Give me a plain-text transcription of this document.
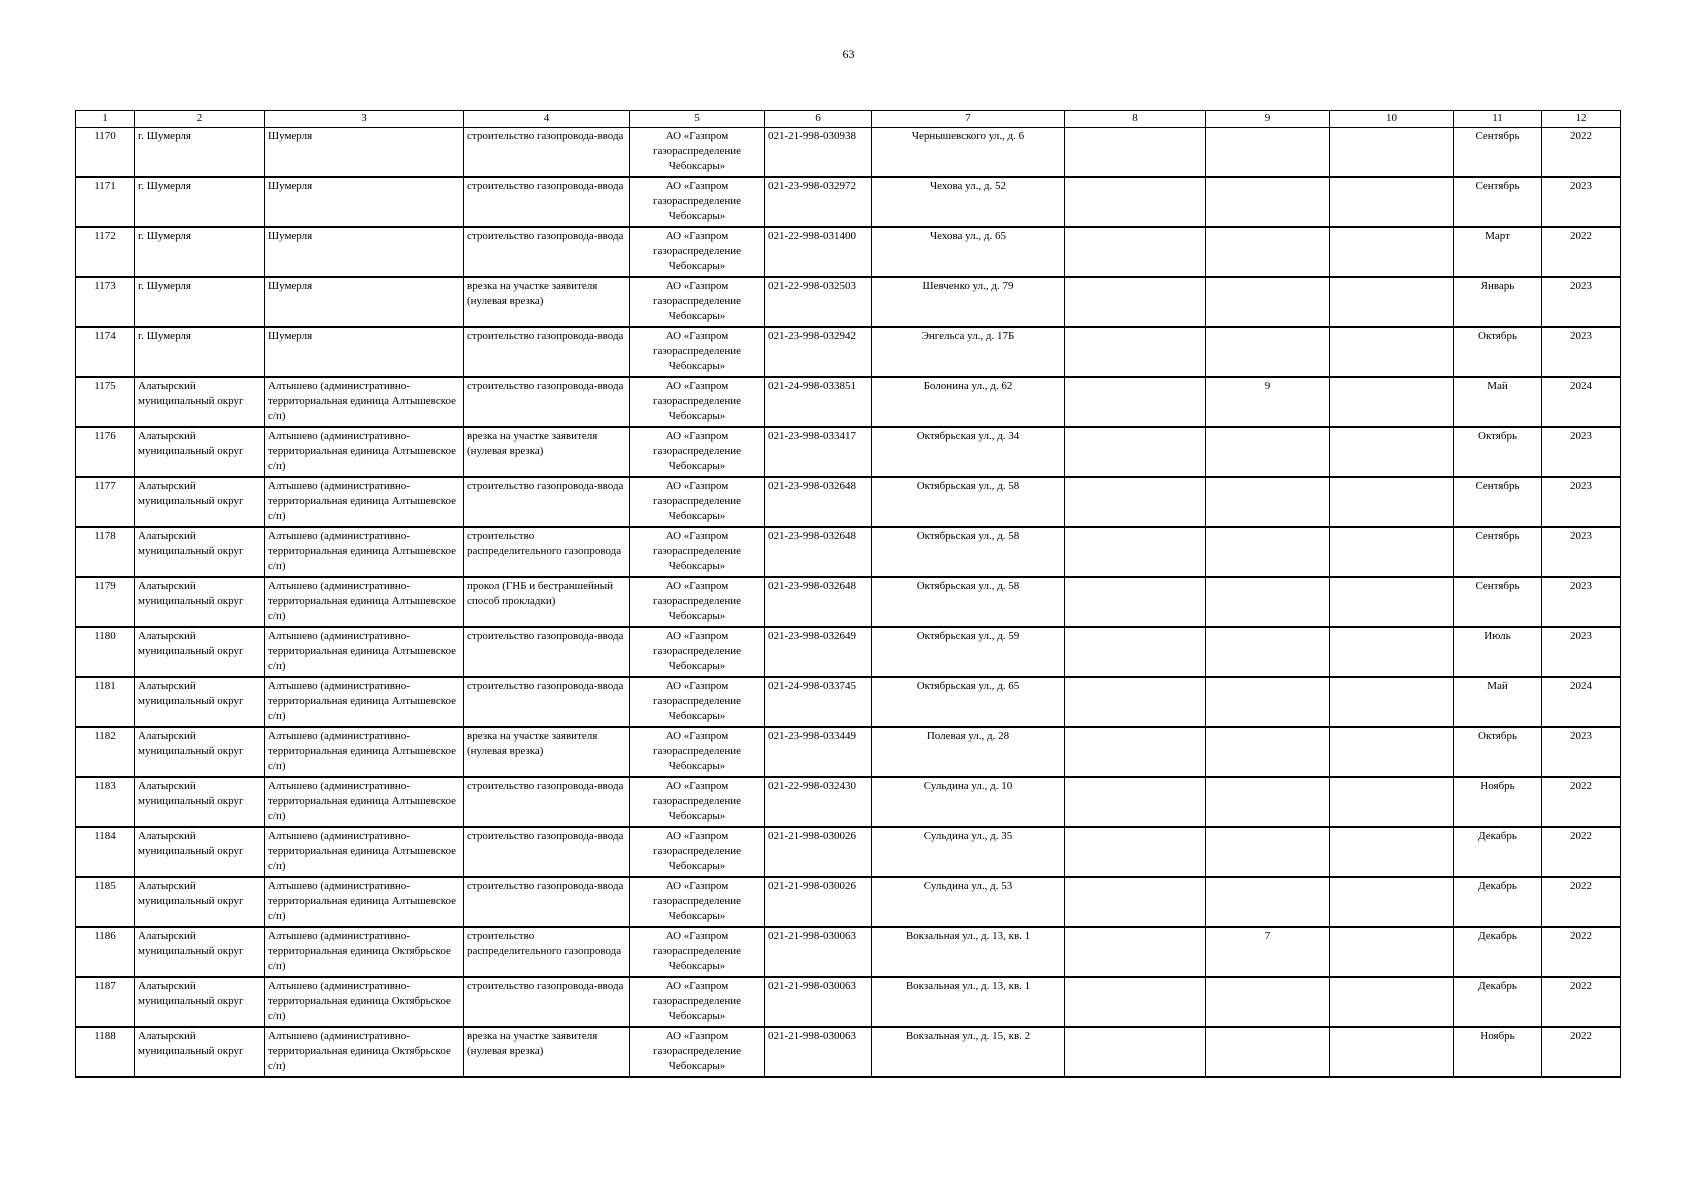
63
1	2	3	4	5	6	7	8	9	10	11	12
1170	г. Шумерля	Шумерля	строительство газопровода-ввода	АО «Газпром газораспределение Чебоксары»	021-21-998-030938	Чернышевского ул., д. 6				Сентябрь	2022
1171	г. Шумерля	Шумерля	строительство газопровода-ввода	АО «Газпром газораспределение Чебоксары»	021-23-998-032972	Чехова ул., д. 52				Сентябрь	2023
1172	г. Шумерля	Шумерля	строительство газопровода-ввода	АО «Газпром газораспределение Чебоксары»	021-22-998-031400	Чехова ул., д. 65				Март	2022
1173	г. Шумерля	Шумерля	врезка на участке заявителя (нулевая врезка)	АО «Газпром газораспределение Чебоксары»	021-22-998-032503	Шевченко ул., д. 79				Январь	2023
1174	г. Шумерля	Шумерля	строительство газопровода-ввода	АО «Газпром газораспределение Чебоксары»	021-23-998-032942	Энгельса ул., д. 17Б				Октябрь	2023
1175	Алатырский муниципальный округ	Алтышево (административно-территориальная единица Алтышевское с/п)	строительство газопровода-ввода	АО «Газпром газораспределение Чебоксары»	021-24-998-033851	Болонина ул., д. 62		9		Май	2024
1176	Алатырский муниципальный округ	Алтышево (административно-территориальная единица Алтышевское с/п)	врезка на участке заявителя (нулевая врезка)	АО «Газпром газораспределение Чебоксары»	021-23-998-033417	Октябрьская ул., д. 34				Октябрь	2023
1177	Алатырский муниципальный округ	Алтышево (административно-территориальная единица Алтышевское с/п)	строительство газопровода-ввода	АО «Газпром газораспределение Чебоксары»	021-23-998-032648	Октябрьская ул., д. 58				Сентябрь	2023
1178	Алатырский муниципальный округ	Алтышево (административно-территориальная единица Алтышевское с/п)	строительство распределительного газопровода	АО «Газпром газораспределение Чебоксары»	021-23-998-032648	Октябрьская ул., д. 58				Сентябрь	2023
1179	Алатырский муниципальный округ	Алтышево (административно-территориальная единица Алтышевское с/п)	прокол (ГНБ и бестраншейный способ прокладки)	АО «Газпром газораспределение Чебоксары»	021-23-998-032648	Октябрьская ул., д. 58				Сентябрь	2023
1180	Алатырский муниципальный округ	Алтышево (административно-территориальная единица Алтышевское с/п)	строительство газопровода-ввода	АО «Газпром газораспределение Чебоксары»	021-23-998-032649	Октябрьская ул., д. 59				Июль	2023
1181	Алатырский муниципальный округ	Алтышево (административно-территориальная единица Алтышевское с/п)	строительство газопровода-ввода	АО «Газпром газораспределение Чебоксары»	021-24-998-033745	Октябрьская ул., д. 65				Май	2024
1182	Алатырский муниципальный округ	Алтышево (административно-территориальная единица Алтышевское с/п)	врезка на участке заявителя (нулевая врезка)	АО «Газпром газораспределение Чебоксары»	021-23-998-033449	Полевая ул., д. 28				Октябрь	2023
1183	Алатырский муниципальный округ	Алтышево (административно-территориальная единица Алтышевское с/п)	строительство газопровода-ввода	АО «Газпром газораспределение Чебоксары»	021-22-998-032430	Сульдина ул., д. 10				Ноябрь	2022
1184	Алатырский муниципальный округ	Алтышево (административно-территориальная единица Алтышевское с/п)	строительство газопровода-ввода	АО «Газпром газораспределение Чебоксары»	021-21-998-030026	Сульдина ул., д. 35				Декабрь	2022
1185	Алатырский муниципальный округ	Алтышево (административно-территориальная единица Алтышевское с/п)	строительство газопровода-ввода	АО «Газпром газораспределение Чебоксары»	021-21-998-030026	Сульдина ул., д. 53				Декабрь	2022
1186	Алатырский муниципальный округ	Алтышево (административно-территориальная единица Октябрьское с/п)	строительство распределительного газопровода	АО «Газпром газораспределение Чебоксары»	021-21-998-030063	Вокзальная ул., д. 13, кв. 1		7		Декабрь	2022
1187	Алатырский муниципальный округ	Алтышево (административно-территориальная единица Октябрьское с/п)	строительство газопровода-ввода	АО «Газпром газораспределение Чебоксары»	021-21-998-030063	Вокзальная ул., д. 13, кв. 1				Декабрь	2022
1188	Алатырский муниципальный округ	Алтышево (административно-территориальная единица Октябрьское с/п)	врезка на участке заявителя (нулевая врезка)	АО «Газпром газораспределение Чебоксары»	021-21-998-030063	Вокзальная ул., д. 15, кв. 2				Ноябрь	2022
